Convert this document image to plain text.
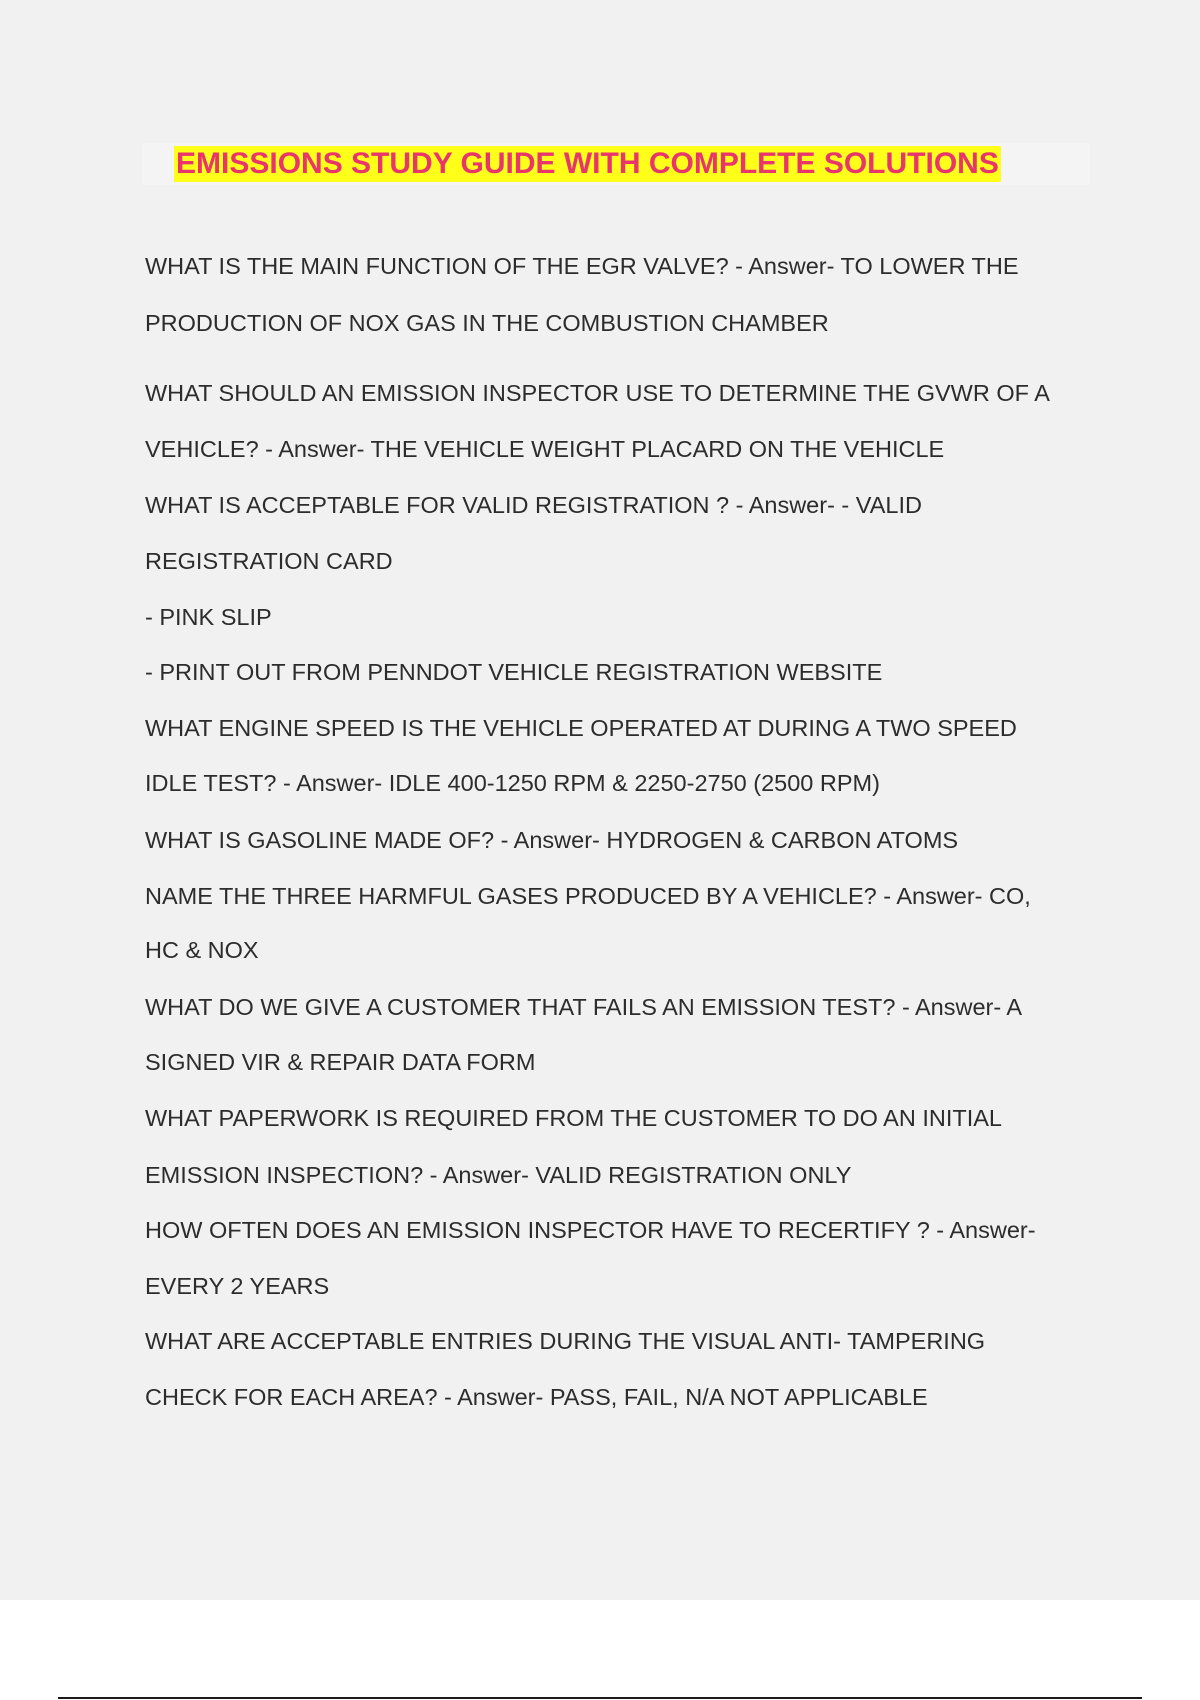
EMISSIONS STUDY GUIDE WITH COMPLETE SOLUTIONS
WHAT IS THE MAIN FUNCTION OF THE EGR VALVE? - Answer- TO LOWER THE
PRODUCTION OF NOX GAS IN THE COMBUSTION CHAMBER
WHAT SHOULD AN EMISSION INSPECTOR USE TO DETERMINE THE GVWR OF A
VEHICLE? - Answer- THE VEHICLE WEIGHT PLACARD ON THE VEHICLE
WHAT IS ACCEPTABLE FOR VALID REGISTRATION ? - Answer- - VALID
REGISTRATION CARD
- PINK SLIP
- PRINT OUT FROM PENNDOT VEHICLE REGISTRATION WEBSITE
WHAT ENGINE SPEED IS THE VEHICLE OPERATED AT DURING A TWO SPEED
IDLE TEST? - Answer- IDLE 400-1250 RPM & 2250-2750 (2500 RPM)
WHAT IS GASOLINE MADE OF? - Answer- HYDROGEN & CARBON ATOMS
NAME THE THREE HARMFUL GASES PRODUCED BY A VEHICLE? - Answer- CO,
HC & NOX
WHAT DO WE GIVE A CUSTOMER THAT FAILS AN EMISSION TEST? - Answer- A
SIGNED VIR & REPAIR DATA FORM
WHAT PAPERWORK IS REQUIRED FROM THE CUSTOMER TO DO AN INITIAL
EMISSION INSPECTION? - Answer- VALID REGISTRATION ONLY
HOW OFTEN DOES AN EMISSION INSPECTOR HAVE TO RECERTIFY ? - Answer-
EVERY 2 YEARS
WHAT ARE ACCEPTABLE ENTRIES DURING THE VISUAL ANTI- TAMPERING
CHECK FOR EACH AREA? - Answer- PASS, FAIL, N/A NOT APPLICABLE
